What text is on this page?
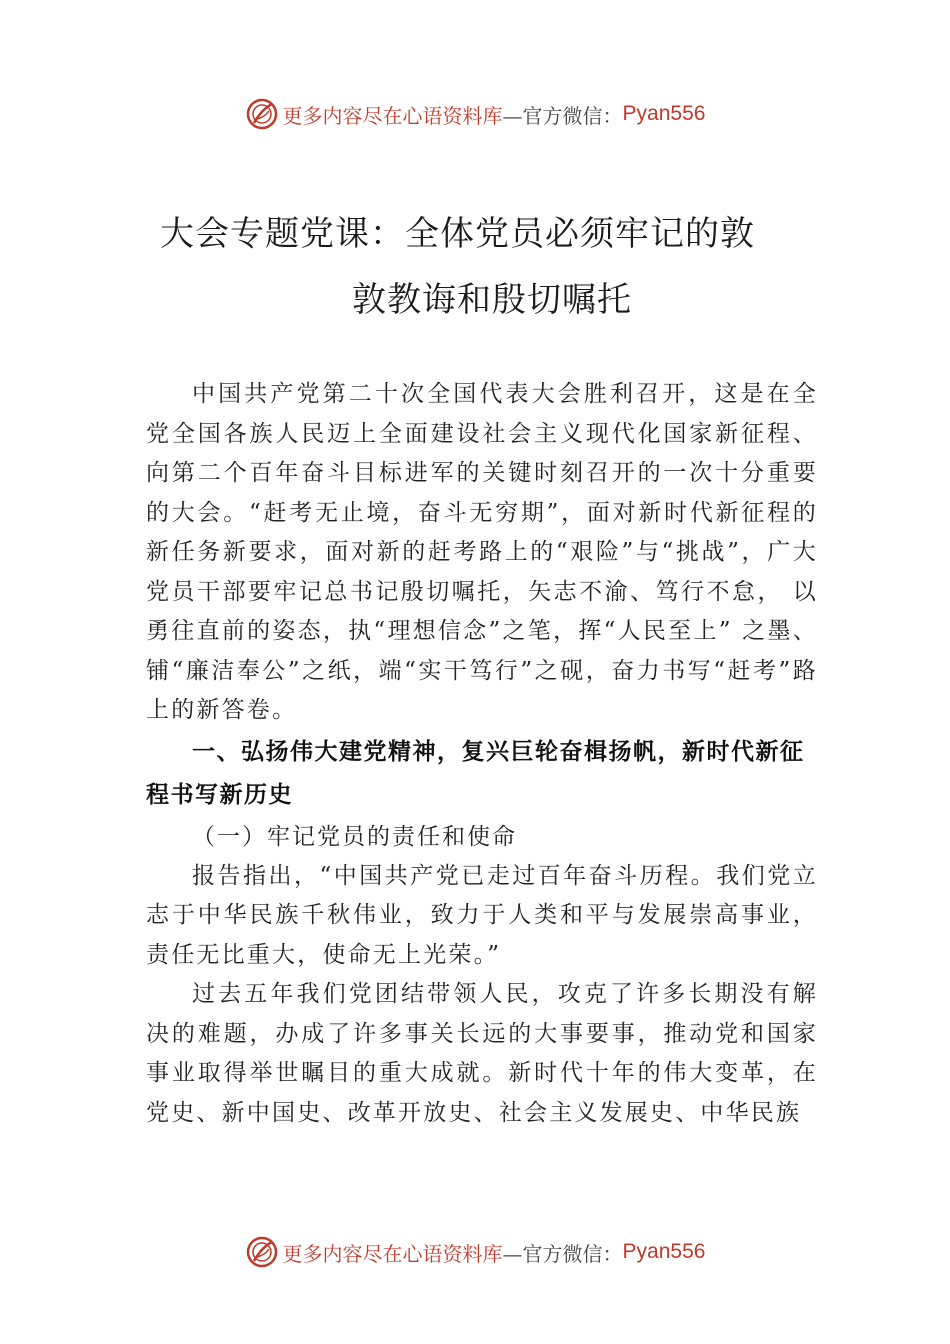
更多内容尽在心语资料库 —官方微信： Pyan556
大会专题党课：全体党员必须牢记的敦
敦教诲和殷切嘱托

中国共产党第二十次全国代表大会胜利召开，这是在全党全国各族人民迈上全面建设社会主义现代化国家新征程、 向第二个百年奋斗目标进军的关键时刻召开的一次十分重要的大会。“赶考无止境，奋斗无穷期”，面对新时代新征程的新任务新要求，面对新的赶考路上的“艰险”与“挑战”，广大党员干部要牢记总书记殷切嘱托，矢志不渝、笃行不怠， 以勇往直前的姿态，执“理想信念”之笔，挥“人民至上” 之墨、铺“廉洁奉公”之纸，端“实干笃行”之砚，奋力书写“赶考”路上的新答卷。

一、弘扬伟大建党精神，复兴巨轮奋楫扬帆，新时代新征程书写新历史

（一）牢记党员的责任和使命

报告指出，“中国共产党已走过百年奋斗历程。我们党立志于中华民族千秋伟业，致力于人类和平与发展崇高事业， 责任无比重大，使命无上光荣。”

过去五年我们党团结带领人民，攻克了许多长期没有解决的难题，办成了许多事关长远的大事要事，推动党和国家事业取得举世瞩目的重大成就。新时代十年的伟大变革，在党史、新中国史、改革开放史、社会主义发展史、中华民族

更多内容尽在心语资料库 —官方微信： Pyan556
